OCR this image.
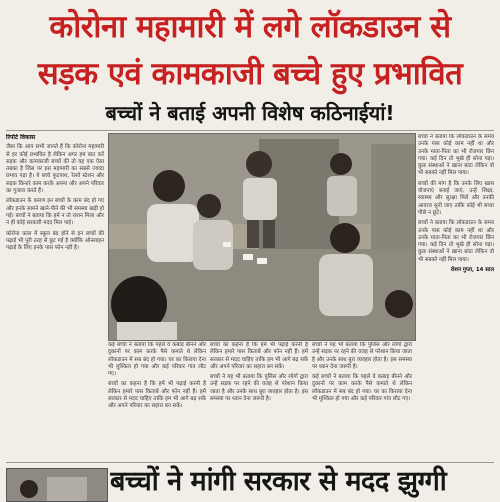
कोरोना महामारी में लगे लॉकडाउन से
सड़क एवं कामकाजी बच्चे हुए प्रभावित
बच्चों ने बताई अपनी विशेष कठिनाईयां!
रिपोर्ट विकास

जैसा कि आप सभी जानते हैं कि कोरोना महामारी से हर कोई प्रभावित है लेकिन अगर हम बात करें सड़क और कामकाजी बच्चों की तो यह एक ऐसा तबका है जिस पर इस महामारी का सबसे ज्यादा प्रभाव पड़ा है। ये बच्चे फुटपाथ, रेलवे स्टेशन और सड़क किनारे काम करके अपना और अपने परिवार का गुजारा करते हैं।

लॉकडाउन के कारण इन बच्चों के काम बंद हो गए और इनके सामने खाने-पीने की भी समस्या खड़ी हो गई। बच्चों ने बताया कि हमें न तो राशन मिला और न ही कोई सरकारी मदद मिल पाई।

कोरोना काल में स्कूल बंद होने से इन बच्चों की पढ़ाई भी पूरी तरह से छूट गई है क्योंकि ऑनलाइन पढ़ाई के लिए इनके पास फोन नहीं है।

कई बच्चों ने बताया कि पहले वे कबाड़ बीनने और दुकानों पर काम करके पैसे कमाते थे लेकिन लॉकडाउन में सब बंद हो गया। घर का किराया देना भी मुश्किल हो गया और कई परिवार गांव लौट गए।

बच्चों का कहना है कि हमें भी पढ़ाई करनी है लेकिन हमारे पास किताबें और फोन नहीं हैं। हमें सरकार से मदद चाहिए ताकि हम भी आगे बढ़ सकें और अपने परिवार का सहारा बन सकें।

बच्चों का कहना है कि हमें भी पढ़ाई करनी है लेकिन हमारे पास किताबें और फोन नहीं हैं। हमें सरकार से मदद चाहिए ताकि हम भी आगे बढ़ सकें और अपने परिवार का सहारा बन सकें।

बच्चों ने यह भी बताया कि पुलिस और लोगों द्वारा उन्हें सड़क पर रहने की वजह से परेशान किया जाता है और उनके साथ बुरा व्यवहार होता है। इस समस्या पर ध्यान देना जरूरी है।

बच्चों ने यह भी बताया कि पुलिस और लोगों द्वारा उन्हें सड़क पर रहने की वजह से परेशान किया जाता है और उनके साथ बुरा व्यवहार होता है। इस समस्या पर ध्यान देना जरूरी है।

कई बच्चों ने बताया कि पहले वे कबाड़ बीनने और दुकानों पर काम करके पैसे कमाते थे लेकिन लॉकडाउन में सब बंद हो गया। घर का किराया देना भी मुश्किल हो गया और कई परिवार गांव लौट गए।

बच्चों ने बताया कि लॉकडाउन के समय उनके पास कोई काम नहीं था और उनके माता-पिता का भी रोजगार छिन गया। कई दिन तो भूखे ही सोना पड़ा। कुछ संस्थाओं ने खाना बांटा लेकिन वो भी सबको नहीं मिल पाया।

बच्चों की मांग है कि उनके लिए खास योजनाएं बनाई जाएं, उन्हें शिक्षा, स्वास्थ्य और सुरक्षा मिले और उनकी आवाज सुनी जाए ताकि कोई भी बच्चा पीछे न छूटे।

बच्चों ने बताया कि लॉकडाउन के समय उनके पास कोई काम नहीं था और उनके माता-पिता का भी रोजगार छिन गया। कई दिन तो भूखे ही सोना पड़ा। कुछ संस्थाओं ने खाना बांटा लेकिन वो भी सबको नहीं मिल पाया।

रोशन गुप्ता, 14 साल
बच्चों ने मांगी सरकार से मदद झुग्गी
